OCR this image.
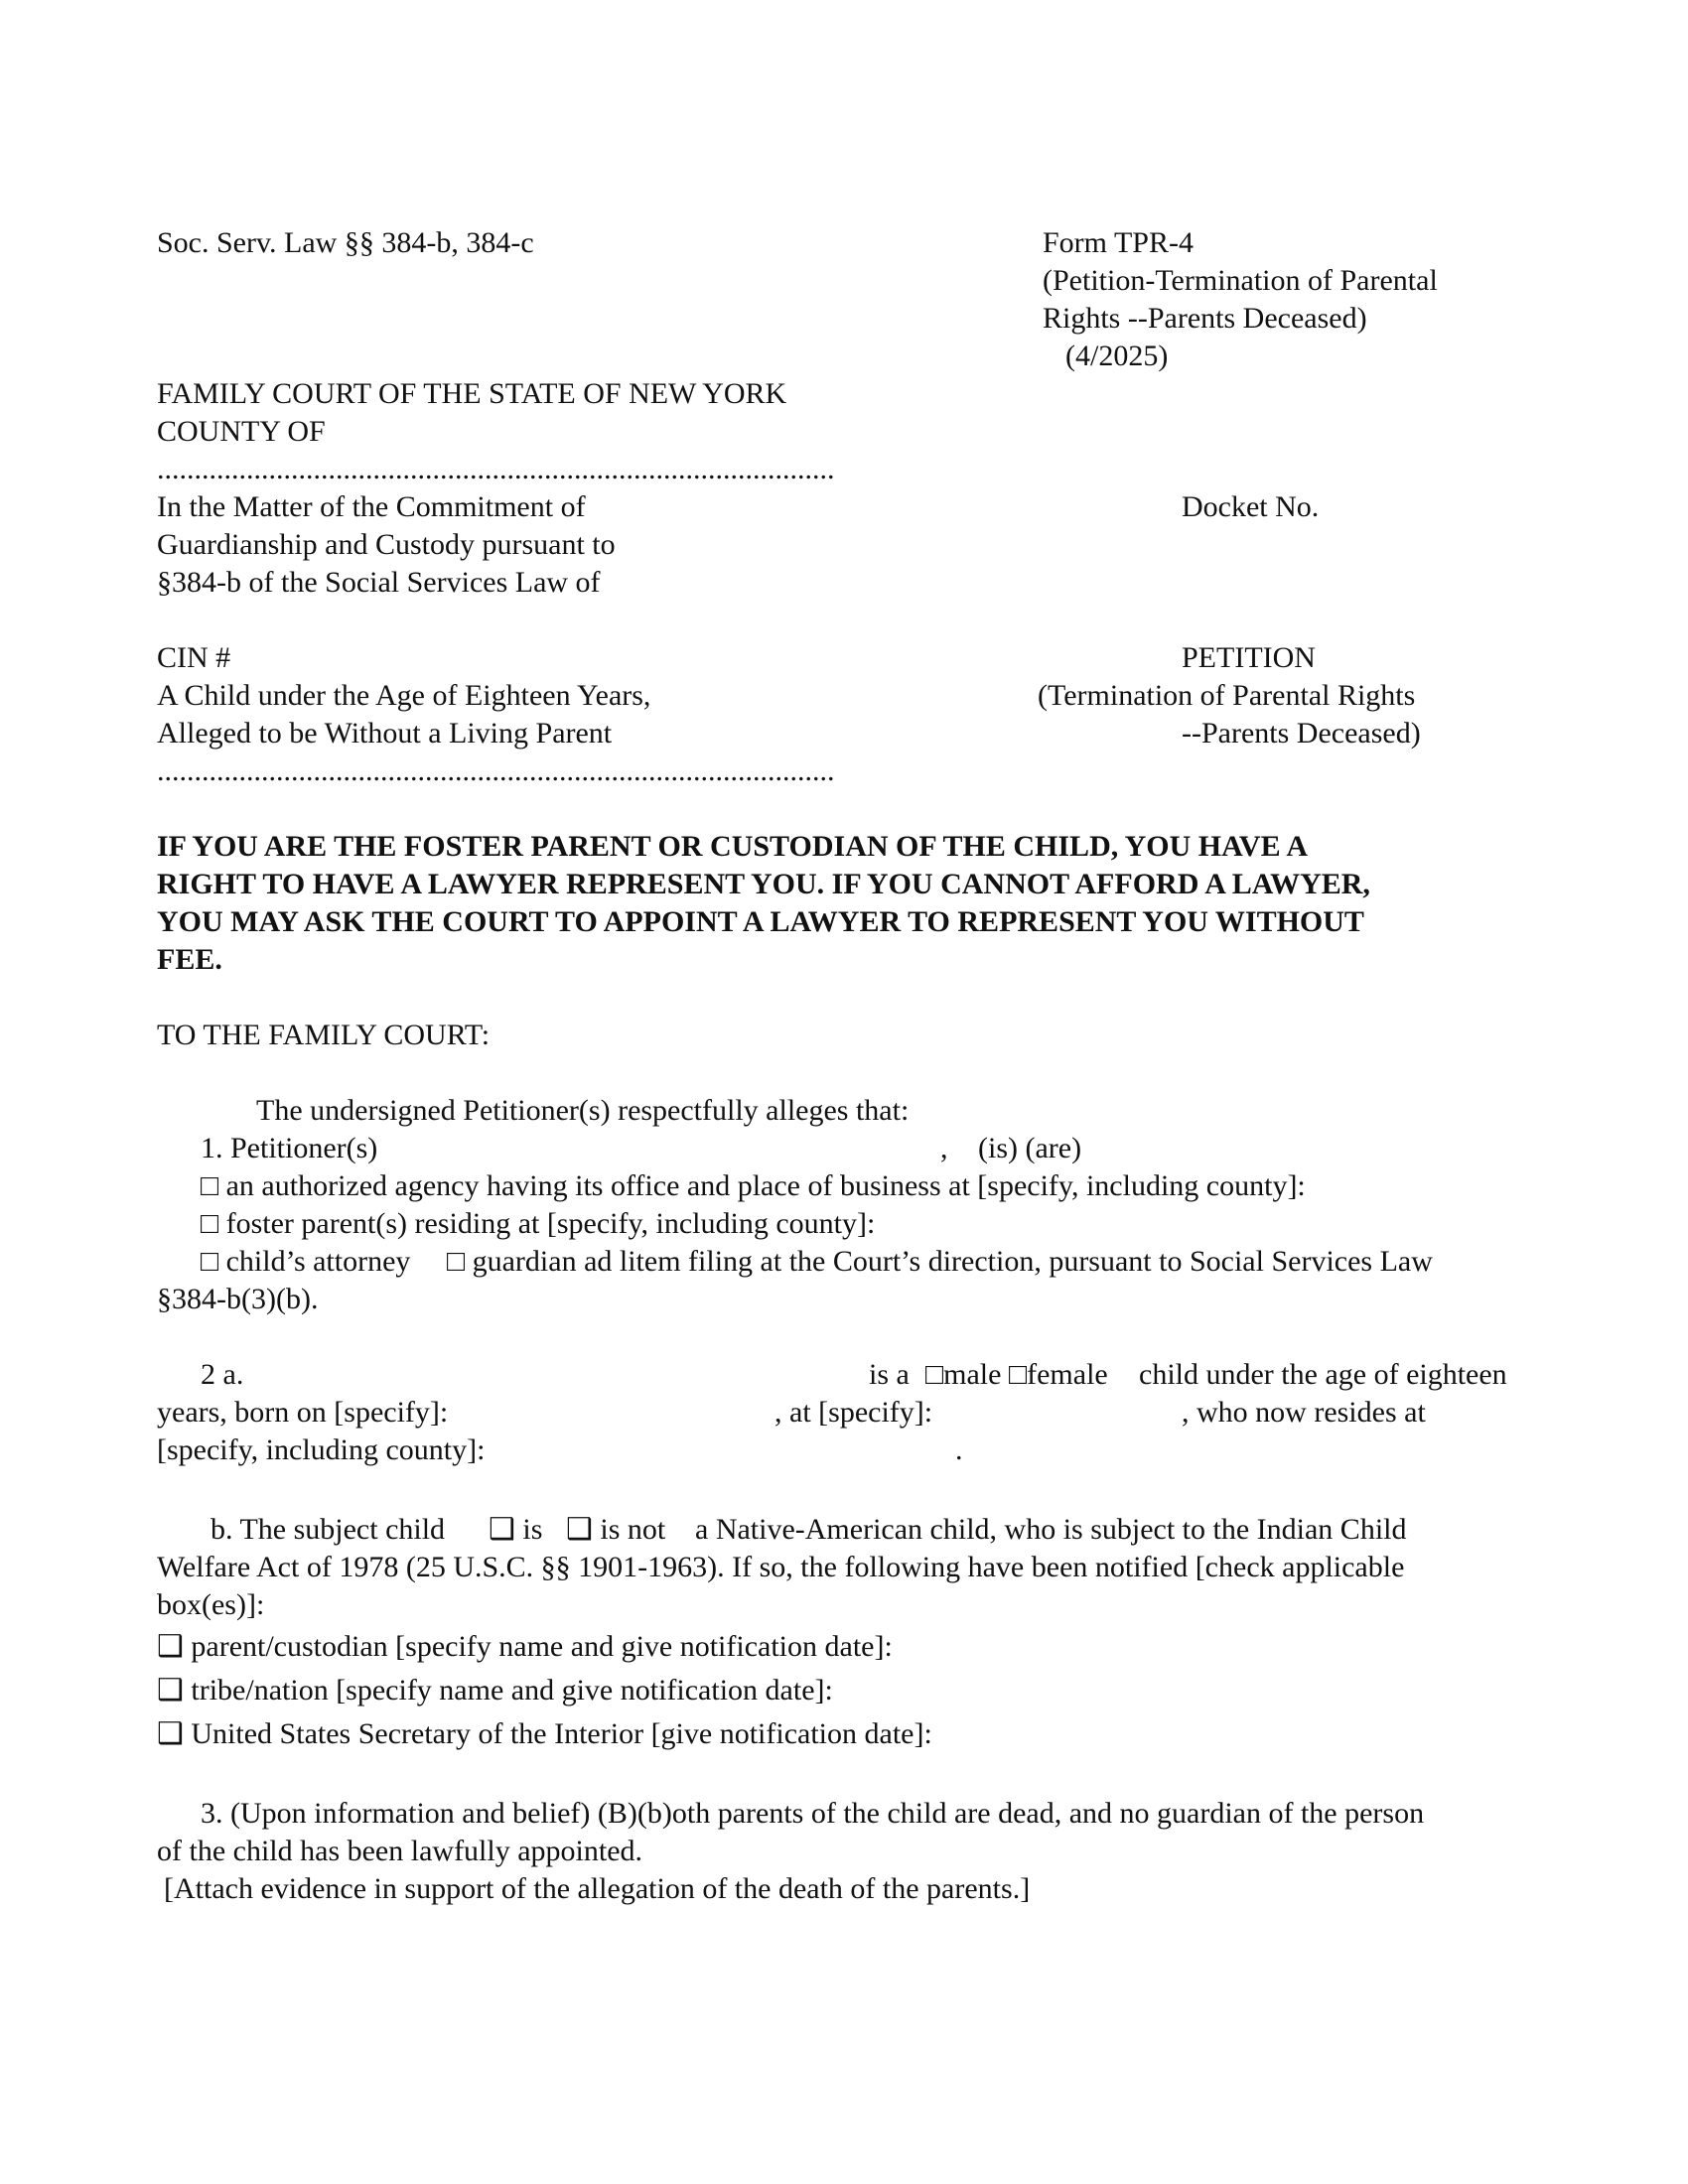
Soc. Serv. Law §§ 384-b, 384-c	Form TPR-4
(Petition-Termination of Parental
Rights --Parents Deceased)
(4/2025)
FAMILY COURT OF THE STATE OF NEW YORK
COUNTY OF
...........................................................................................
In the Matter of the Commitment of
Guardianship and Custody pursuant to
§384-b of the Social Services Law of
Docket No.
CIN #
A Child under the Age of Eighteen Years,
Alleged to be Without a Living Parent
...........................................................................................
PETITION
(Termination of Parental Rights
--Parents Deceased)
IF YOU ARE THE FOSTER PARENT OR CUSTODIAN OF THE CHILD, YOU HAVE A
RIGHT TO HAVE A LAWYER REPRESENT YOU. IF YOU CANNOT AFFORD A LAWYER,
YOU MAY ASK THE COURT TO APPOINT A LAWYER TO REPRESENT YOU WITHOUT
FEE.
TO THE FAMILY COURT:
The undersigned Petitioner(s) respectfully alleges that:
1. Petitioner(s)	, (is) (are)
□ an authorized agency having its office and place of business at [specify, including county]:
□ foster parent(s) residing at [specify, including county]:
□ child’s attorney □ guardian ad litem filing at the Court’s direction, pursuant to Social Services Law
§384-b(3)(b).
2 a.	is a □male □female child under the age of eighteen
years, born on [specify]:	, at [specify]:	, who now resides at
[specify, including county]:	.
b. The subject child ❑ is ❑ is not a Native-American child, who is subject to the Indian Child
Welfare Act of 1978 (25 U.S.C. §§ 1901-1963). If so, the following have been notified [check applicable
box(es)]:
❑ parent/custodian [specify name and give notification date]:
❑ tribe/nation [specify name and give notification date]:
❑ United States Secretary of the Interior [give notification date]:
3. (Upon information and belief) (B)(b)oth parents of the child are dead, and no guardian of the person
of the child has been lawfully appointed.
[Attach evidence in support of the allegation of the death of the parents.]
